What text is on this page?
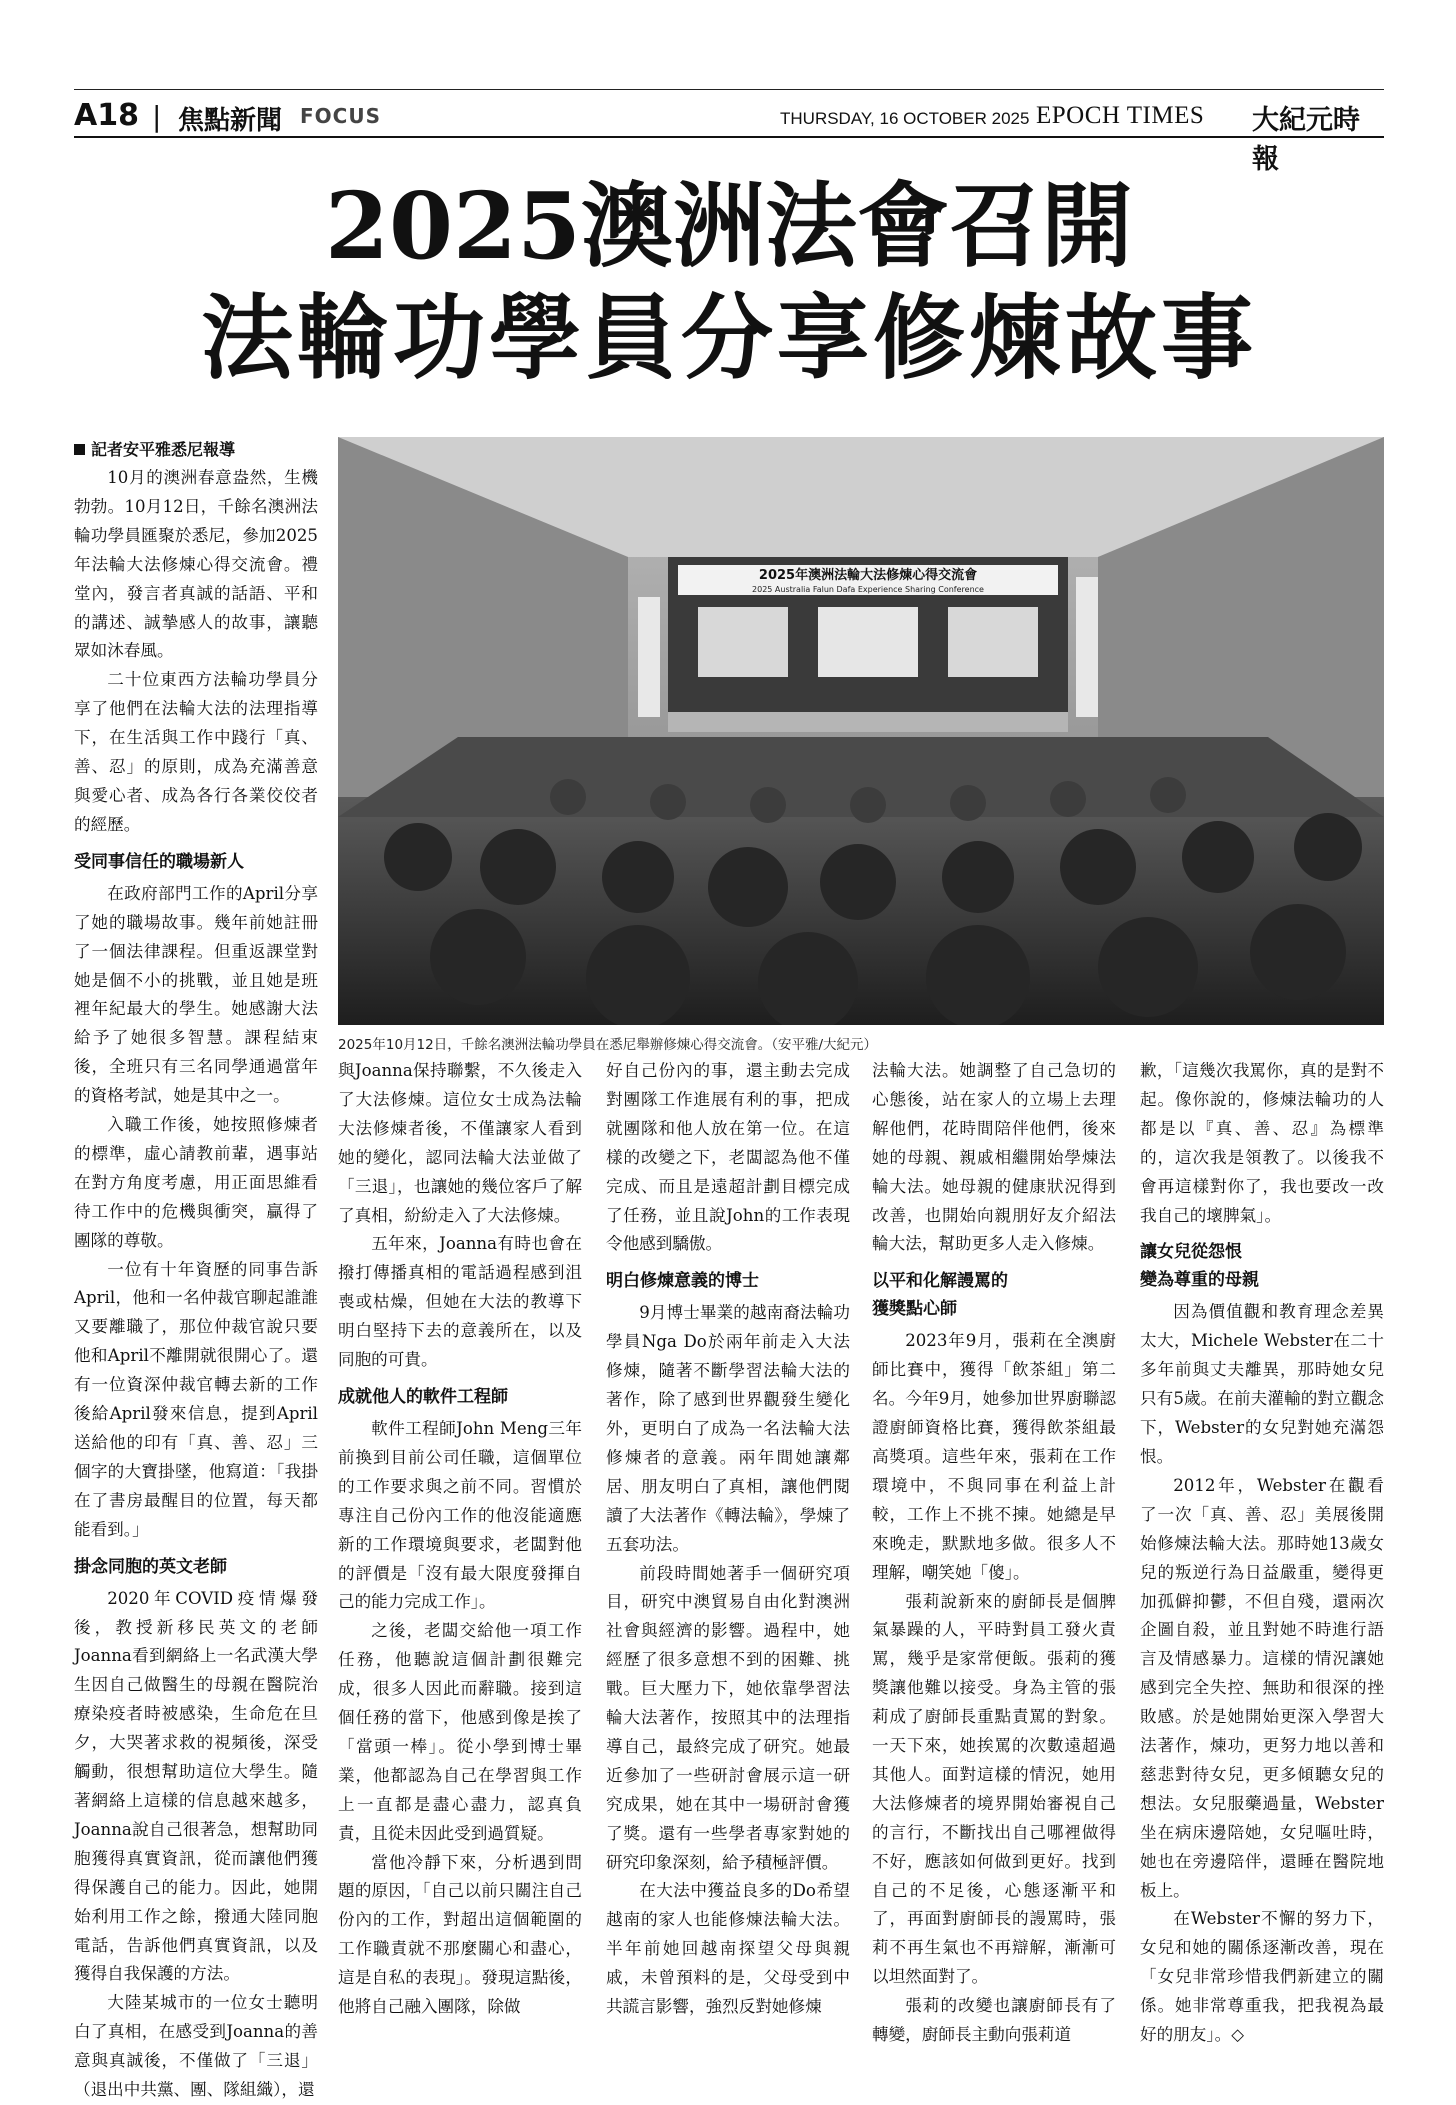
A18 | 焦點新聞 FOCUS	THURSDAY, 16 OCTOBER 2025 EPOCH TIMES 大紀元時報
2025澳洲法會召開
法輪功學員分享修煉故事
記者安平雅悉尼報導

10月的澳洲春意盎然，生機勃勃。10月12日，千餘名澳洲法輪功學員匯聚於悉尼，參加2025年法輪大法修煉心得交流會。禮堂內，發言者真誠的話語、平和的講述、誠摯感人的故事，讓聽眾如沐春風。

二十位東西方法輪功學員分享了他們在法輪大法的法理指導下，在生活與工作中踐行「真、善、忍」的原則，成為充滿善意與愛心者、成為各行各業佼佼者的經歷。

受同事信任的職場新人

在政府部門工作的April分享了她的職場故事。幾年前她註冊了一個法律課程。但重返課堂對她是個不小的挑戰，並且她是班裡年紀最大的學生。她感謝大法給予了她很多智慧。課程結束後，全班只有三名同學通過當年的資格考試，她是其中之一。

入職工作後，她按照修煉者的標準，虛心請教前輩，遇事站在對方角度考慮，用正面思維看待工作中的危機與衝突，贏得了團隊的尊敬。

一位有十年資歷的同事告訴April，他和一名仲裁官聊起誰誰又要離職了，那位仲裁官說只要他和April不離開就很開心了。還有一位資深仲裁官轉去新的工作後給April發來信息，提到April送給他的印有「真、善、忍」三個字的大寶掛墜，他寫道：「我掛在了書房最醒目的位置，每天都能看到。」

掛念同胞的英文老師

2020年COVID疫情爆發後，教授新移民英文的老師Joanna看到網絡上一名武漢大學生因自己做醫生的母親在醫院治療染疫者時被感染，生命危在旦夕，大哭著求救的視頻後，深受觸動，很想幫助這位大學生。隨著網絡上這樣的信息越來越多，Joanna說自己很著急，想幫助同胞獲得真實資訊，從而讓他們獲得保護自己的能力。因此，她開始利用工作之餘，撥通大陸同胞電話，告訴他們真實資訊，以及獲得自我保護的方法。

大陸某城市的一位女士聽明白了真相，在感受到Joanna的善意與真誠後，不僅做了「三退」（退出中共黨、團、隊組織），還

2025年澳洲法輪大法修煉心得交流會
2025 Australia Falun Dafa Experience Sharing Conference
2025年10月12日，千餘名澳洲法輪功學員在悉尼舉辦修煉心得交流會。（安平雅/大紀元）

與Joanna保持聯繫，不久後走入了大法修煉。這位女士成為法輪大法修煉者後，不僅讓家人看到她的變化，認同法輪大法並做了「三退」，也讓她的幾位客戶了解了真相，紛紛走入了大法修煉。

五年來，Joanna有時也會在撥打傳播真相的電話過程感到沮喪或枯燥，但她在大法的教導下明白堅持下去的意義所在，以及同胞的可貴。

成就他人的軟件工程師

軟件工程師John Meng三年前換到目前公司任職，這個單位的工作要求與之前不同。習慣於專注自己份內工作的他沒能適應新的工作環境與要求，老闆對他的評價是「沒有最大限度發揮自己的能力完成工作」。

之後，老闆交給他一項工作任務，他聽說這個計劃很難完成，很多人因此而辭職。接到這個任務的當下，他感到像是挨了「當頭一棒」。從小學到博士畢業，他都認為自己在學習與工作上一直都是盡心盡力，認真負責，且從未因此受到過質疑。

當他冷靜下來，分析遇到問題的原因，「自己以前只關注自己份內的工作，對超出這個範圍的工作職責就不那麼關心和盡心，這是自私的表現」。發現這點後，他將自己融入團隊，除做

好自己份內的事，還主動去完成對團隊工作進展有利的事，把成就團隊和他人放在第一位。在這樣的改變之下，老闆認為他不僅完成、而且是遠超計劃目標完成了任務，並且說John的工作表現令他感到驕傲。

明白修煉意義的博士

9月博士畢業的越南裔法輪功學員Nga Do於兩年前走入大法修煉，隨著不斷學習法輪大法的著作，除了感到世界觀發生變化外，更明白了成為一名法輪大法修煉者的意義。兩年間她讓鄰居、朋友明白了真相，讓他們閱讀了大法著作《轉法輪》，學煉了五套功法。

前段時間她著手一個研究項目，研究中澳貿易自由化對澳洲社會與經濟的影響。過程中，她經歷了很多意想不到的困難、挑戰。巨大壓力下，她依靠學習法輪大法著作，按照其中的法理指導自己，最終完成了研究。她最近參加了一些研討會展示這一研究成果，她在其中一場研討會獲了獎。還有一些學者專家對她的研究印象深刻，給予積極評價。

在大法中獲益良多的Do希望越南的家人也能修煉法輪大法。半年前她回越南探望父母與親戚，未曾預料的是，父母受到中共謊言影響，強烈反對她修煉

法輪大法。她調整了自己急切的心態後，站在家人的立場上去理解他們，花時間陪伴他們，後來她的母親、親戚相繼開始學煉法輪大法。她母親的健康狀況得到改善，也開始向親朋好友介紹法輪大法，幫助更多人走入修煉。

以平和化解謾罵的
獲獎點心師

2023年9月，張莉在全澳廚師比賽中，獲得「飲茶組」第二名。今年9月，她參加世界廚聯認證廚師資格比賽，獲得飲茶組最高獎項。這些年來，張莉在工作環境中，不與同事在利益上計較，工作上不挑不揀。她總是早來晚走，默默地多做。很多人不理解，嘲笑她「傻」。

張莉說新來的廚師長是個脾氣暴躁的人，平時對員工發火責罵，幾乎是家常便飯。張莉的獲獎讓他難以接受。身為主管的張莉成了廚師長重點責罵的對象。一天下來，她挨罵的次數遠超過其他人。面對這樣的情況，她用大法修煉者的境界開始審視自己的言行，不斷找出自己哪裡做得不好，應該如何做到更好。找到自己的不足後，心態逐漸平和了，再面對廚師長的謾罵時，張莉不再生氣也不再辯解，漸漸可以坦然面對了。

張莉的改變也讓廚師長有了轉變，廚師長主動向張莉道

歉，「這幾次我罵你，真的是對不起。像你說的，修煉法輪功的人都是以『真、善、忍』為標準的，這次我是領教了。以後我不會再這樣對你了，我也要改一改我自己的壞脾氣」。

讓女兒從怨恨
變為尊重的母親

因為價值觀和教育理念差異太大，Michele Webster在二十多年前與丈夫離異，那時她女兒只有5歲。在前夫灌輸的對立觀念下，Webster的女兒對她充滿怨恨。

2012年，Webster在觀看了一次「真、善、忍」美展後開始修煉法輪大法。那時她13歲女兒的叛逆行為日益嚴重，變得更加孤僻抑鬱，不但自殘，還兩次企圖自殺，並且對她不時進行語言及情感暴力。這樣的情況讓她感到完全失控、無助和很深的挫敗感。於是她開始更深入學習大法著作，煉功，更努力地以善和慈悲對待女兒，更多傾聽女兒的想法。女兒服藥過量，Webster坐在病床邊陪她，女兒嘔吐時，她也在旁邊陪伴，還睡在醫院地板上。

在Webster不懈的努力下，女兒和她的關係逐漸改善，現在「女兒非常珍惜我們新建立的關係。她非常尊重我，把我視為最好的朋友」。◇
